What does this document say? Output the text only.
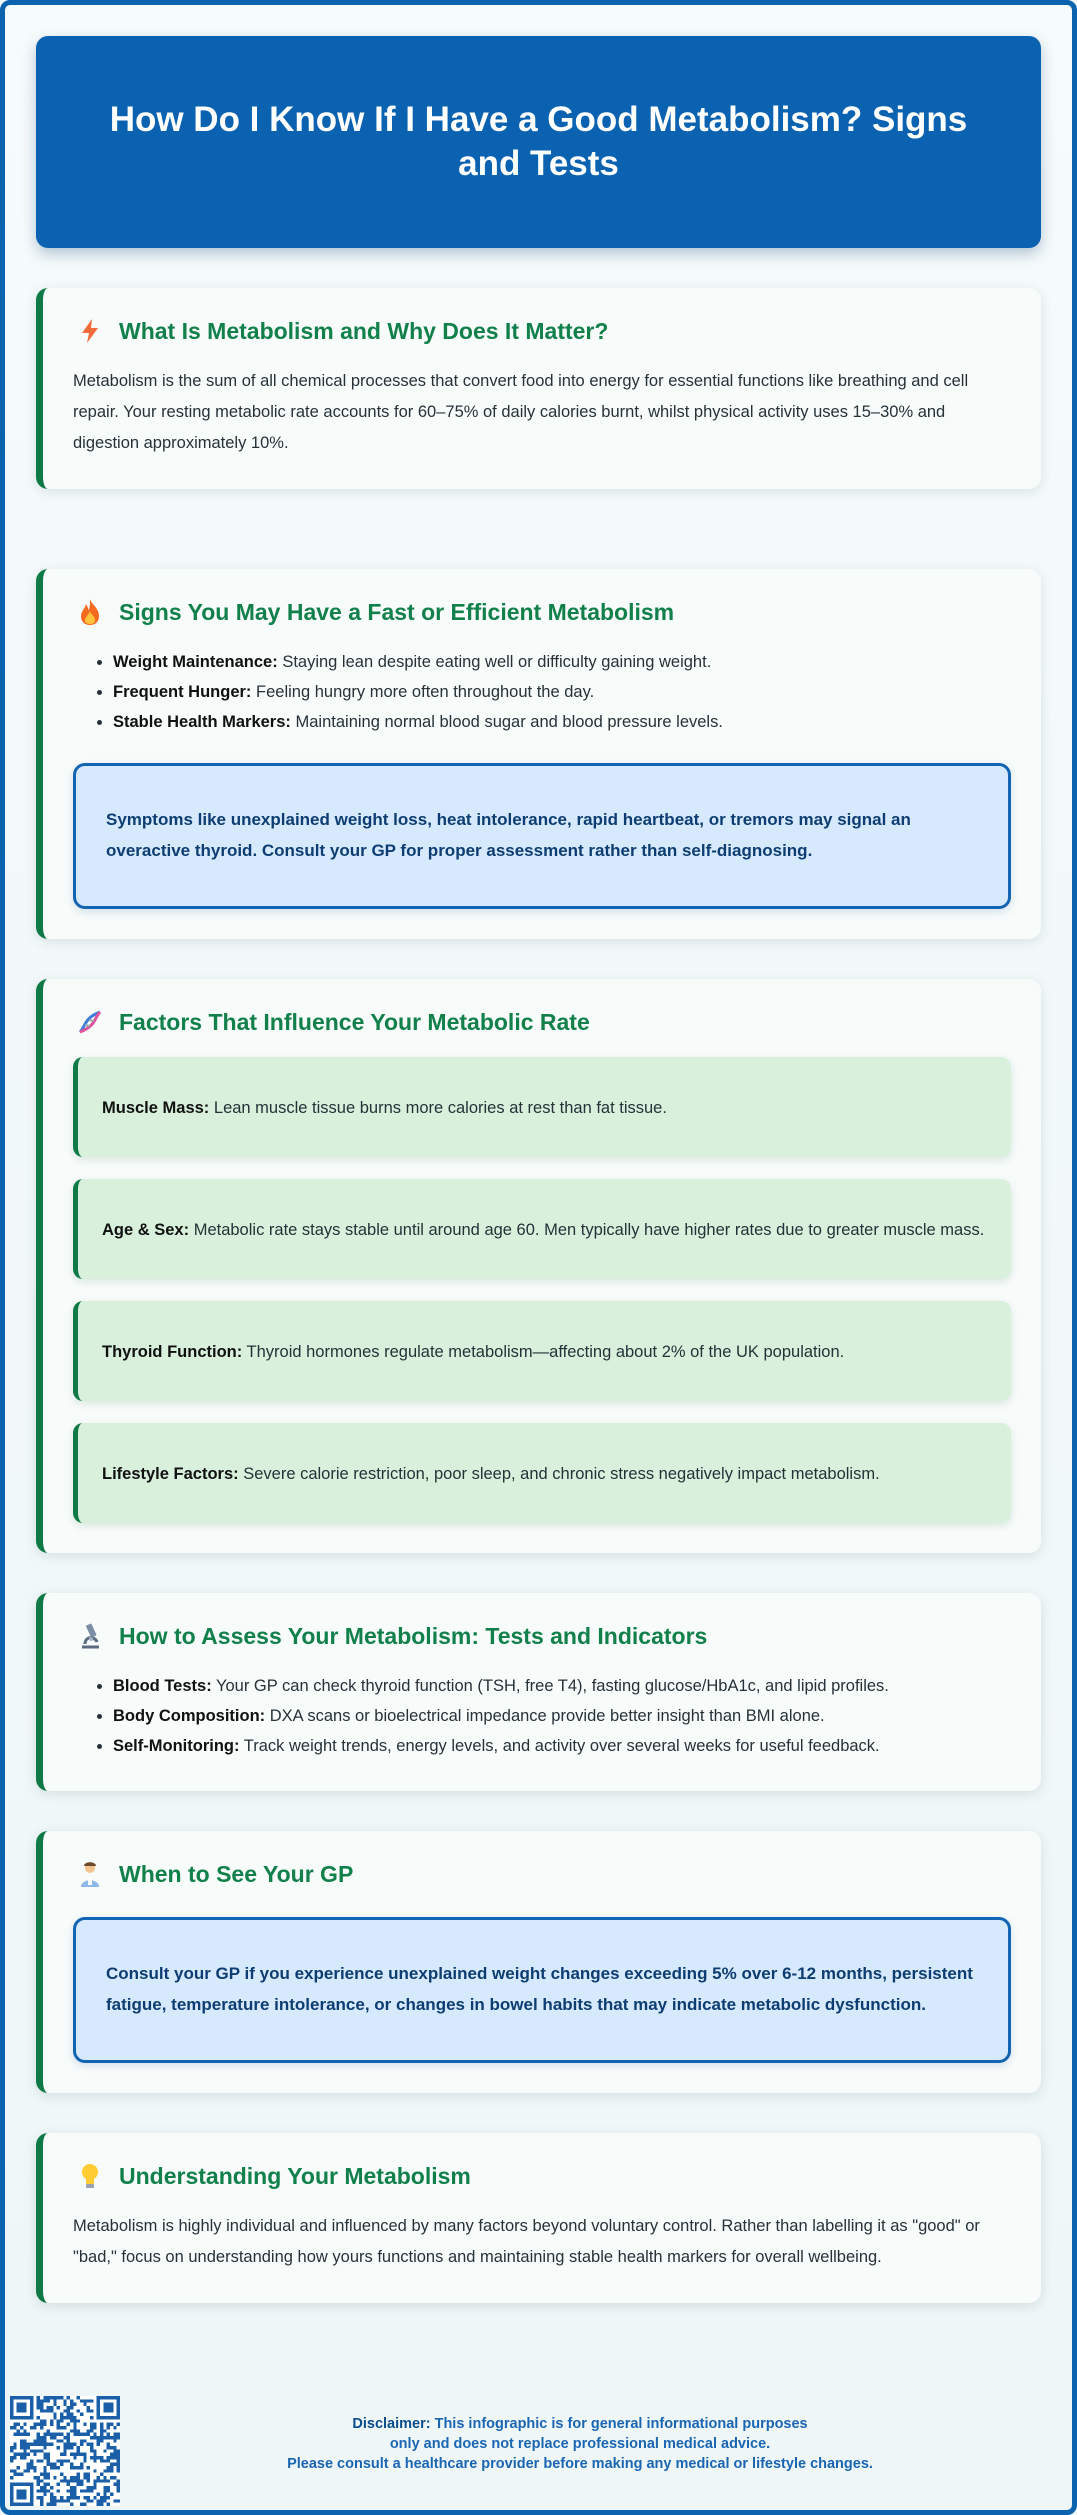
How Do I Know If I Have a Good Metabolism? Signs and Tests
What Is Metabolism and Why Does It Matter?

Metabolism is the sum of all chemical processes that convert food into energy for essential functions like breathing and cell repair. Your resting metabolic rate accounts for 60–75% of daily calories burnt, whilst physical activity uses 15–30% and digestion approximately 10%.

Signs You May Have a Fast or Efficient Metabolism
• Weight Maintenance: Staying lean despite eating well or difficulty gaining weight.
• Frequent Hunger: Feeling hungry more often throughout the day.
• Stable Health Markers: Maintaining normal blood sugar and blood pressure levels.

Symptoms like unexplained weight loss, heat intolerance, rapid heartbeat, or tremors may signal an overactive thyroid. Consult your GP for proper assessment rather than self-diagnosing.

Factors That Influence Your Metabolic Rate

Muscle Mass: Lean muscle tissue burns more calories at rest than fat tissue.

Age & Sex: Metabolic rate stays stable until around age 60. Men typically have higher rates due to greater muscle mass.

Thyroid Function: Thyroid hormones regulate metabolism—affecting about 2% of the UK population.

Lifestyle Factors: Severe calorie restriction, poor sleep, and chronic stress negatively impact metabolism.

How to Assess Your Metabolism: Tests and Indicators
• Blood Tests: Your GP can check thyroid function (TSH, free T4), fasting glucose/HbA1c, and lipid profiles.
• Body Composition: DXA scans or bioelectrical impedance provide better insight than BMI alone.
• Self-Monitoring: Track weight trends, energy levels, and activity over several weeks for useful feedback.
When to See Your GP

Consult your GP if you experience unexplained weight changes exceeding 5% over 6-12 months, persistent fatigue, temperature intolerance, or changes in bowel habits that may indicate metabolic dysfunction.

Understanding Your Metabolism

Metabolism is highly individual and influenced by many factors beyond voluntary control. Rather than labelling it as "good" or "bad," focus on understanding how yours functions and maintaining stable health markers for overall wellbeing.

Disclaimer: This infographic is for general informational purposes
only and does not replace professional medical advice.
Please consult a healthcare provider before making any medical or lifestyle changes.
